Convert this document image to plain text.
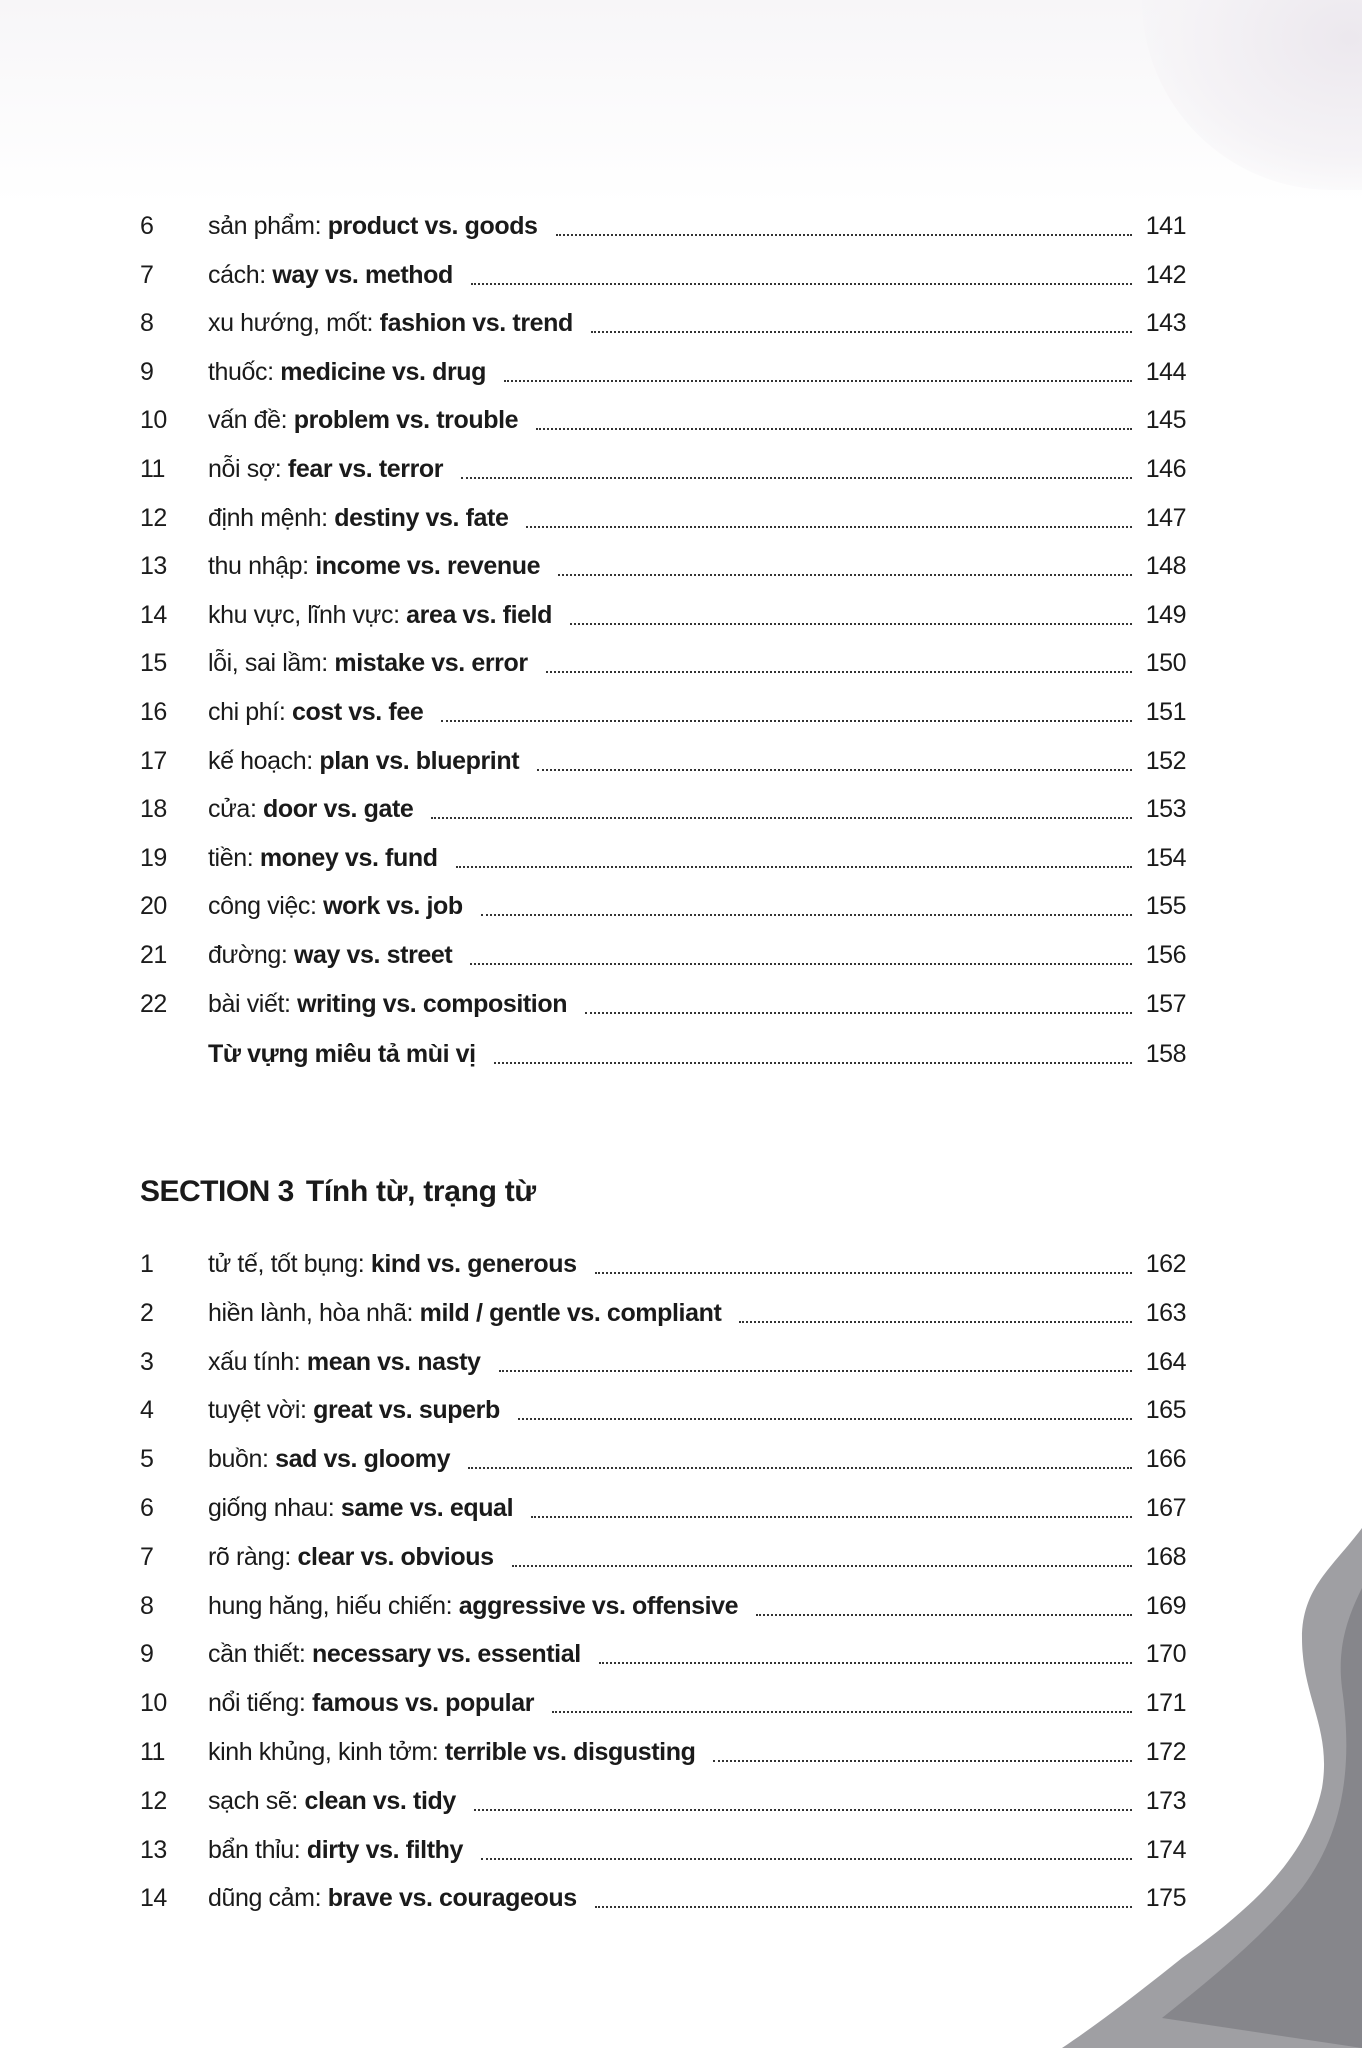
6	sản phẩm: product vs. goods	141
7	cách: way vs. method	142
8	xu hướng, mốt: fashion vs. trend	143
9	thuốc: medicine vs. drug	144
10	vấn đề: problem vs. trouble	145
11	nỗi sợ: fear vs. terror	146
12	định mệnh: destiny vs. fate	147
13	thu nhập: income vs. revenue	148
14	khu vực, lĩnh vực: area vs. field	149
15	lỗi, sai lầm: mistake vs. error	150
16	chi phí: cost vs. fee	151
17	kế hoạch: plan vs. blueprint	152
18	cửa: door vs. gate	153
19	tiền: money vs. fund	154
20	công việc: work vs. job	155
21	đường: way vs. street	156
22	bài viết: writing vs. composition	157
Từ vựng miêu tả mùi vị	158
SECTION 3 Tính từ, trạng từ
1	tử tế, tốt bụng: kind vs. generous	162
2	hiền lành, hòa nhã: mild / gentle vs. compliant	163
3	xấu tính: mean vs. nasty	164
4	tuyệt vời: great vs. superb	165
5	buồn: sad vs. gloomy	166
6	giống nhau: same vs. equal	167
7	rõ ràng: clear vs. obvious	168
8	hung hăng, hiếu chiến: aggressive vs. offensive	169
9	cần thiết: necessary vs. essential	170
10	nổi tiếng: famous vs. popular	171
11	kinh khủng, kinh tởm: terrible vs. disgusting	172
12	sạch sẽ: clean vs. tidy	173
13	bẩn thỉu: dirty vs. filthy	174
14	dũng cảm: brave vs. courageous	175
